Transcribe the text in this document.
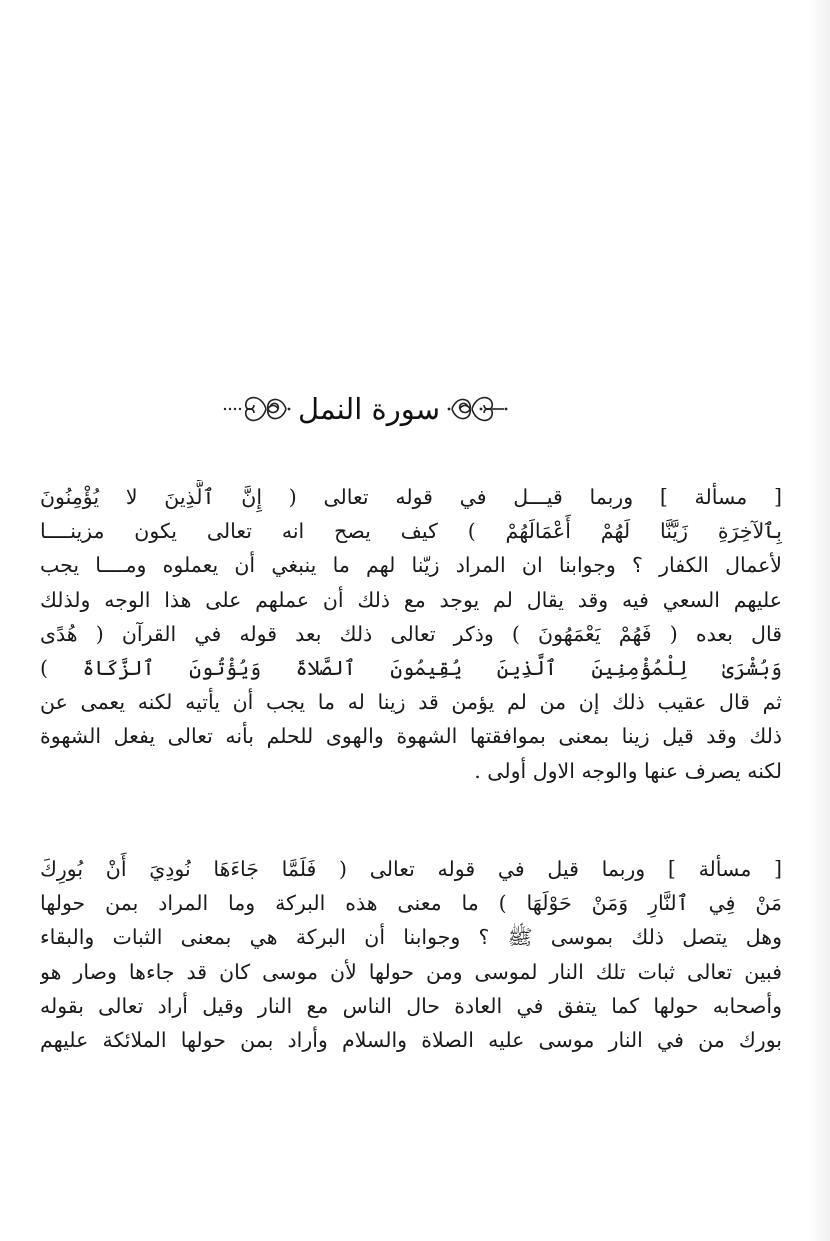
سورة النمل
[ مسألة ] وربما قيـــل في قوله تعالى ( إِنَّ ٱلَّذِينَ لا يُؤْمِنُونَ
بِٱلآخِرَةِ زَيَّنَّا لَهُمْ أَعْمَالَهُمْ ) كيف يصح انه تعالى يكون مزينــــا
لأعمال الكفار ؟ وجوابنا ان المراد زيّنا لهم ما ينبغي أن يعملوه ومــــا يجب
عليهم السعي فيه وقد يقال لم يوجد مع ذلك أن عملهم على هذا الوجه ولذلك
قال بعده ( فَهُمْ يَعْمَهُونَ ) وذكر تعالى ذلك بعد قوله في القرآن ( هُدًى
وَبُشْرَىٰ لِلْمُؤْمِنِينَ ٱلَّذِينَ يُقِيمُونَ ٱلصَّلاةَ وَيُؤْتُونَ ٱلزَّكَاةَ )
ثم قال عقيب ذلك إن من لم يؤمن قد زينا له ما يجب أن يأتيه لكنه يعمى عن
ذلك وقد قيل زينا بمعنى بموافقتها الشهوة والهوى للحلم بأنه تعالى يفعل الشهوة
لكنه يصرف عنها والوجه الاول أولى .
[ مسألة ] وربما قيل في قوله تعالى ( فَلَمَّا جَاءَهَا نُودِيَ أَنْ بُورِكَ
مَنْ فِي ٱلنَّارِ وَمَنْ حَوْلَهَا ) ما معنى هذه البركة وما المراد بمن حولها
وهل يتصل ذلك بموسى ﷺ ؟ وجوابنا أن البركة هي بمعنى الثبات والبقاء
فبين تعالى ثبات تلك النار لموسى ومن حولها لأن موسى كان قد جاءها وصار هو
وأصحابه حولها كما يتفق في العادة حال الناس مع النار وقيل أراد تعالى بقوله
بورك من في النار موسى عليه الصلاة والسلام وأراد بمن حولها الملائكة عليهم
